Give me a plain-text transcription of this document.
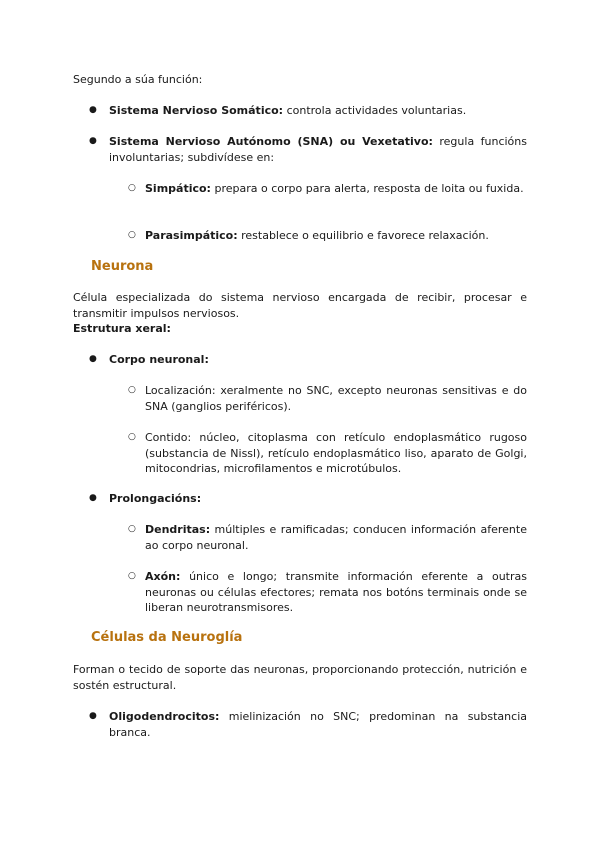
Segundo a súa función:

● Sistema Nervioso Somático: controla actividades voluntarias.

● Sistema Nervioso Autónomo (SNA) ou Vexetativo: regula funcións involuntarias; subdivídese en:

○ Simpático: prepara o corpo para alerta, resposta de loita ou fuxida.

○ Parasimpático: restablece o equilibrio e favorece relaxación.

Neurona

Célula especializada do sistema nervioso encargada de recibir, procesar e transmitir impulsos nerviosos.

Estrutura xeral:

● Corpo neuronal:

○ Localización: xeralmente no SNC, excepto neuronas sensitivas e do SNA (ganglios periféricos).

○ Contido: núcleo, citoplasma con retículo endoplasmático rugoso (substancia de Nissl), retículo endoplasmático liso, aparato de Golgi, mitocondrias, microfilamentos e microtúbulos.

● Prolongacións:

○ Dendritas: múltiples e ramificadas; conducen información aferente ao corpo neuronal.

○ Axón: único e longo; transmite información eferente a outras neuronas ou células efectores; remata nos botóns terminais onde se liberan neurotransmisores.

Células da Neuroglía

Forman o tecido de soporte das neuronas, proporcionando protección, nutrición e sostén estructural.

● Oligodendrocitos: mielinización no SNC; predominan na substancia branca.
